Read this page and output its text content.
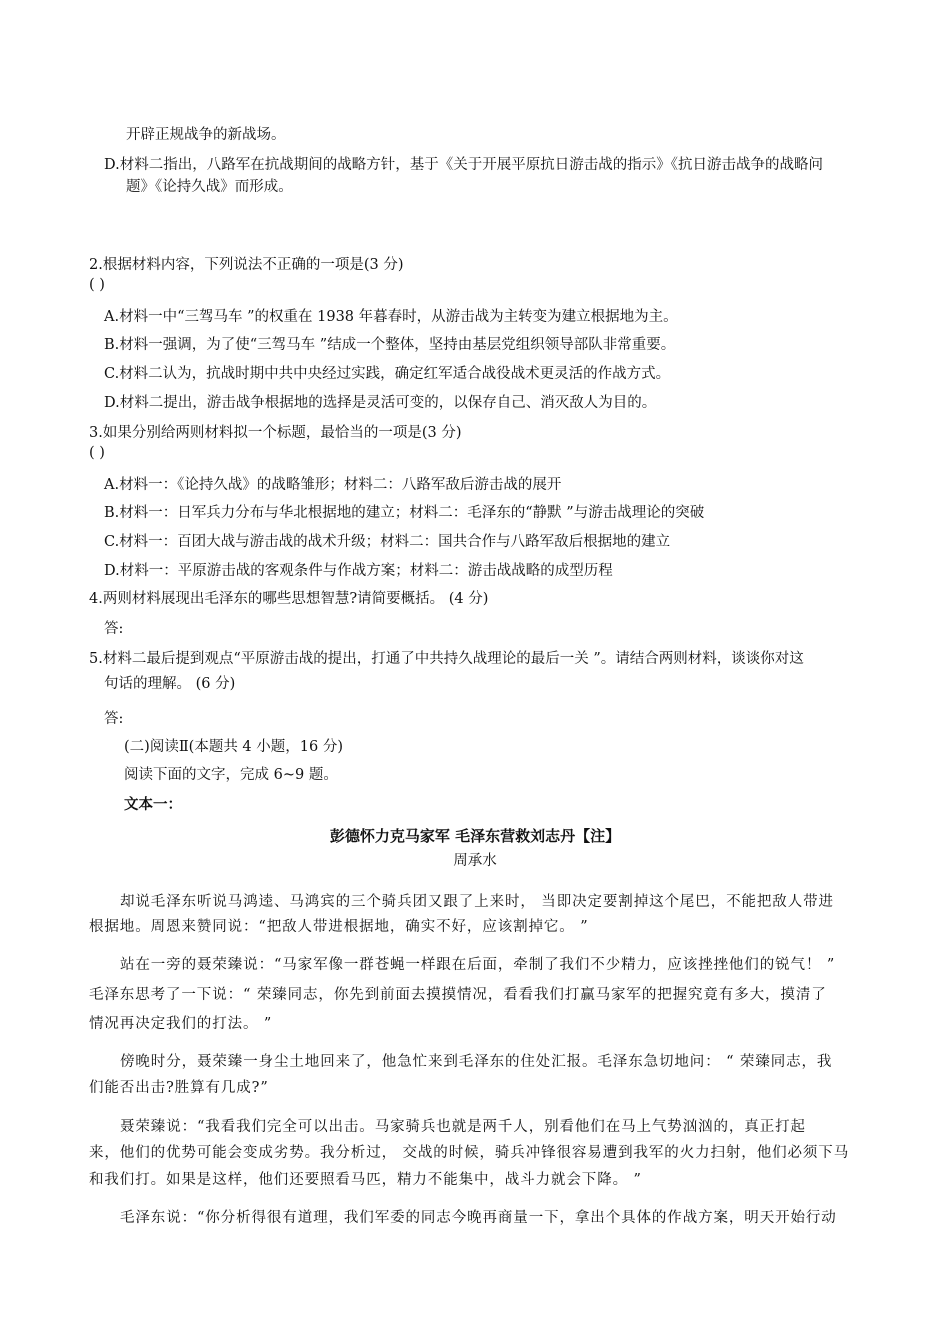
开辟正规战争的新战场。
D.材料二指出，八路军在抗战期间的战略方针，基于《关于开展平原抗日游击战的指示》《抗日游击战争的战略问
题》《论持久战》而形成。
2.根据材料内容，下列说法不正确的一项是(3 分)
( )
A.材料一中“三驾马车 ”的权重在 1938 年暮春时，从游击战为主转变为建立根据地为主。
B.材料一强调，为了使“三驾马车 ”结成一个整体，坚持由基层党组织领导部队非常重要。
C.材料二认为，抗战时期中共中央经过实践，确定红军适合战役战术更灵活的作战方式。
D.材料二提出，游击战争根据地的选择是灵活可变的，以保存自己、消灭敌人为目的。
3.如果分别给两则材料拟一个标题，最恰当的一项是(3 分)
( )
A.材料一：《论持久战》的战略雏形；材料二：八路军敌后游击战的展开
B.材料一：日军兵力分布与华北根据地的建立；材料二：毛泽东的“静默 ”与游击战理论的突破
C.材料一：百团大战与游击战的战术升级；材料二：国共合作与八路军敌后根据地的建立
D.材料一：平原游击战的客观条件与作战方案；材料二：游击战战略的成型历程
4.两则材料展现出毛泽东的哪些思想智慧?请简要概括。 (4 分)
答:
5.材料二最后提到观点“平原游击战的提出，打通了中共持久战理论的最后一关 ”。请结合两则材料，谈谈你对这
句话的理解。 (6 分)
答:
(二)阅读Ⅱ(本题共 4 小题，16 分)
阅读下面的文字，完成 6~9 题。
文本一：
彭德怀力克马家军 毛泽东营救刘志丹【注】
周承水
却说毛泽东听说马鸿逵、马鸿宾的三个骑兵团又跟了上来时， 当即决定要割掉这个尾巴，不能把敌人带进
根据地。周恩来赞同说：“把敌人带进根据地，确实不好，应该割掉它。 ”
站在一旁的聂荣臻说：“马家军像一群苍蝇一样跟在后面，牵制了我们不少精力，应该挫挫他们的锐气！ ”
毛泽东思考了一下说：“ 荣臻同志，你先到前面去摸摸情况，看看我们打赢马家军的把握究竟有多大，摸清了
情况再决定我们的打法。 ”
傍晚时分，聂荣臻一身尘土地回来了，他急忙来到毛泽东的住处汇报。毛泽东急切地问： “ 荣臻同志，我
们能否出击?胜算有几成?”
聂荣臻说：“我看我们完全可以出击。马家骑兵也就是两千人，别看他们在马上气势汹汹的，真正打起
来，他们的优势可能会变成劣势。我分析过， 交战的时候，骑兵冲锋很容易遭到我军的火力扫射，他们必须下马
和我们打。如果是这样，他们还要照看马匹，精力不能集中，战斗力就会下降。 ”
毛泽东说：“你分析得很有道理，我们军委的同志今晚再商量一下，拿出个具体的作战方案，明天开始行动
